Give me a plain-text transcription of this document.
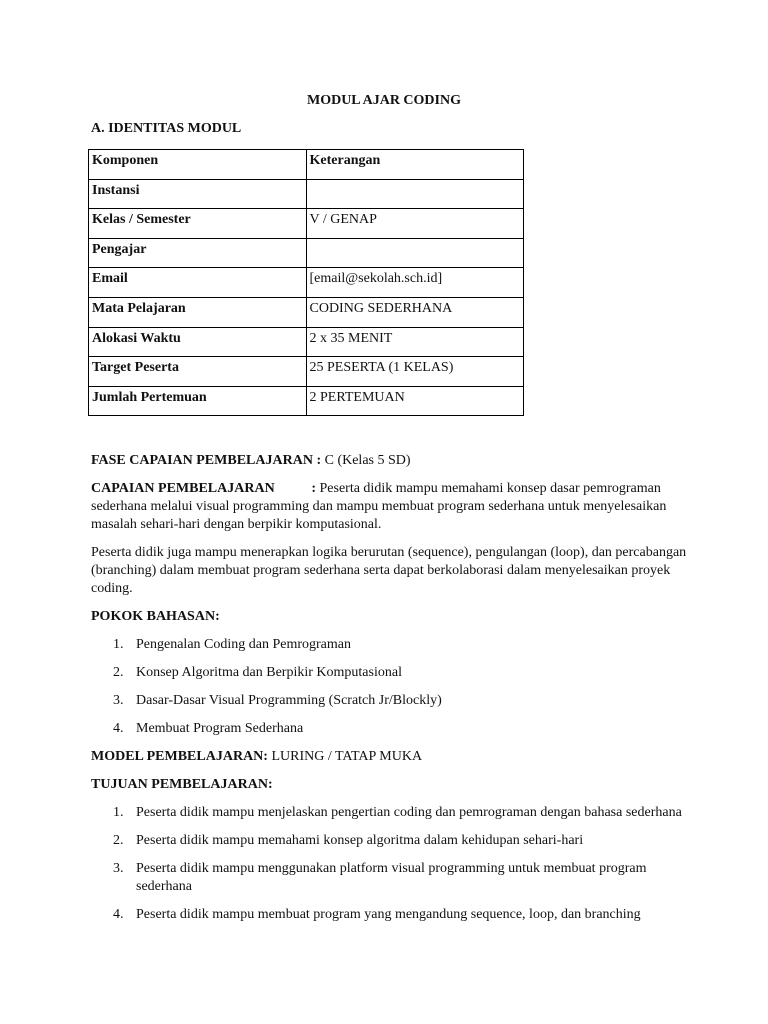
MODUL AJAR CODING
A. IDENTITAS MODUL
Komponen	Keterangan
Instansi	
Kelas / Semester	V / GENAP
Pengajar	
Email	[email@sekolah.sch.id]
Mata Pelajaran	CODING SEDERHANA
Alokasi Waktu	2 x 35 MENIT
Target Peserta	25 PESERTA (1 KELAS)
Jumlah Pertemuan	2 PERTEMUAN

FASE CAPAIAN PEMBELAJARAN : C (Kelas 5 SD)

CAPAIAN PEMBELAJARAN	: Peserta didik mampu memahami konsep dasar pemrograman sederhana melalui visual programming dan mampu membuat program sederhana untuk menyelesaikan masalah sehari-hari dengan berpikir komputasional.

Peserta didik juga mampu menerapkan logika berurutan (sequence), pengulangan (loop), dan percabangan (branching) dalam membuat program sederhana serta dapat berkolaborasi dalam menyelesaikan proyek coding.

POKOK BAHASAN:

1. Pengenalan Coding dan Pemrograman
2. Konsep Algoritma dan Berpikir Komputasional
3. Dasar-Dasar Visual Programming (Scratch Jr/Blockly)
4. Membuat Program Sederhana

MODEL PEMBELAJARAN: LURING / TATAP MUKA

TUJUAN PEMBELAJARAN:

1. Peserta didik mampu menjelaskan pengertian coding dan pemrograman dengan bahasa sederhana
2. Peserta didik mampu memahami konsep algoritma dalam kehidupan sehari-hari
3. Peserta didik mampu menggunakan platform visual programming untuk membuat program sederhana
4. Peserta didik mampu membuat program yang mengandung sequence, loop, dan branching
